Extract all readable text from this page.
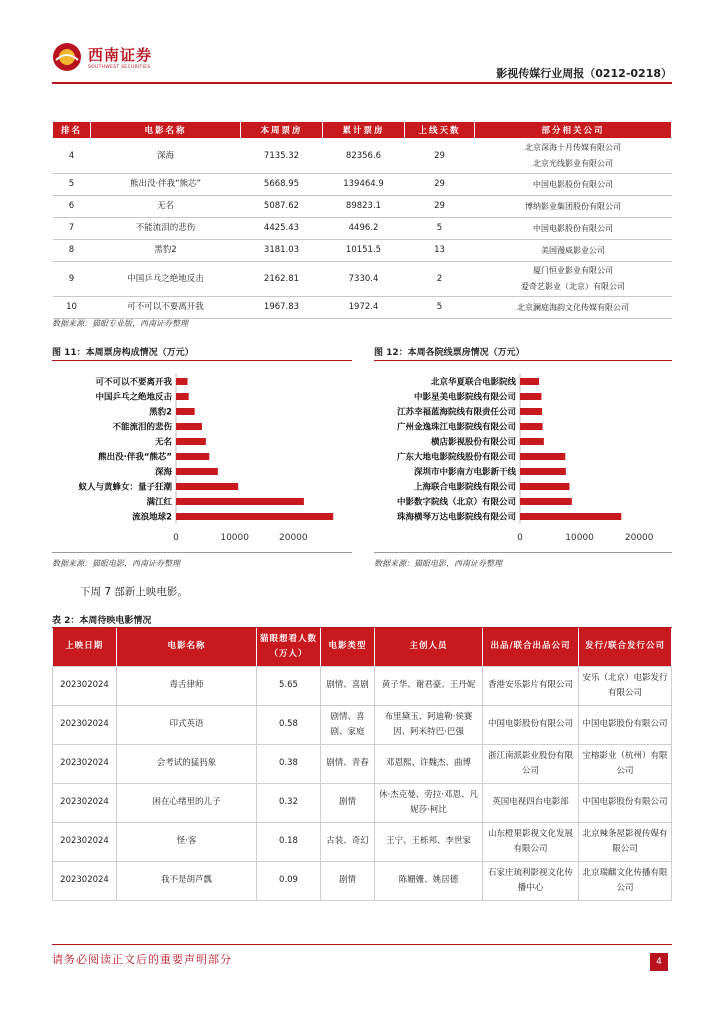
西南证券
SOUTHWEST SECURITIES	影视传媒行业周报（0212-0218）
排名	电影名称	本周票房	累计票房	上线天数	部分相关公司
4	深海	7135.32	82356.6	29	北京深海十月传媒有限公司
北京光线影业有限公司

5	熊出没·伴我“熊芯”	5668.95	139464.9	29	中国电影股份有限公司

6	无名	5087.62	89823.1	29	博纳影业集团股份有限公司

7	不能流泪的悲伤	4425.43	4496.2	5	中国电影股份有限公司

8	黑豹2	3181.03	10151.5	13	美国漫威影业公司

9	中国乒乓之绝地反击	2162.81	7330.4	2	厦门恒业影业有限公司
爱奇艺影业（北京）有限公司

10	可不可以不要离开我	1967.83	1972.4	5	北京澜庭海韵文化传媒有限公司
数据来源：猫眼专业版，西南证券整理
图 11：本周票房构成情况（万元）
可不可以不要离开我
中国乒乓之绝地反击
黑豹2
不能流泪的悲伤
无名
熊出没·伴我“熊芯”
深海
蚁人与黄蜂女：量子狂潮
满江红
流浪地球2
0	10000	20000
数据来源：猫眼电影，西南证券整理
图 12：本周各院线票房情况（万元）
北京华夏联合电影院线
中影星美电影院线有限公司
江苏幸福蓝海院线有限责任公司
广州金逸珠江电影院线有限公司
横店影视股份有限公司
广东大地电影院线股份有限公司
深圳市中影南方电影新干线
上海联合电影院线有限公司
中影数字院线（北京）有限公司
珠海横琴万达电影院线有限公司
0	10000	20000
数据来源：猫眼电影，西南证券整理
下周 7 部新上映电影。
表 2：本周待映电影情况
上映日期	电影名称	猫眼想看人数（万人）	电影类型	主创人员	出品/联合出品公司	发行/联合发行公司
202302024	毒舌律师	5.65	剧情、喜剧	黄子华、谢君豪、王丹妮	香港安乐影片有限公司	安乐（北京）电影发行有限公司
202302024	印式英语	0.58	剧情、喜剧、家庭	布里黛玉、阿迪勒·侯赛因、阿米特巴·巴强	中国电影股份有限公司	中国电影股份有限公司
202302024	会考试的猛犸象	0.38	剧情、青春	邓恩熙、许魏杰、曲博	浙江南派影业股份有限公司	宝榕影业（杭州）有限公司
202302024	困在心绪里的儿子	0.32	剧情	休·杰克曼、劳拉·邓恩、凡妮莎·柯比	英国电视四台电影部	中国电影股份有限公司
202302024	怪·客	0.18	古装、奇幻	王宁、王栎邦、李世家	山东橙果影视文化发展有限公司	北京辣条屋影视传媒有限公司
202302024	我不是胡芦瓢	0.09	剧情	陈姗姗、姚居德	石家庄琉利影视文化传播中心	北京瑞麒文化传播有限公司
请务必阅读正文后的重要声明部分	4
